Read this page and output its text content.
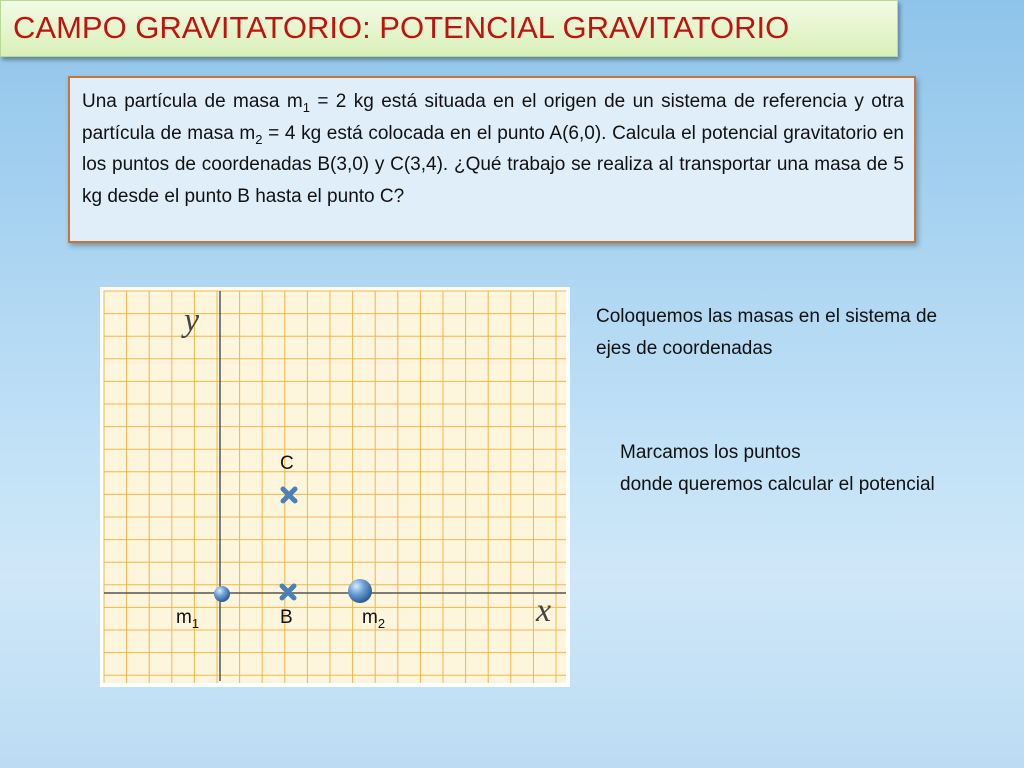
CAMPO GRAVITATORIO: POTENCIAL GRAVITATORIO

Una partícula de masa $m_1 = 2$ kg está situada en el origen de un sistema de referencia y otra partícula de masa $m_2 = 4$ kg está colocada en el punto A(6,0). Calcula el potencial gravitatorio en los puntos de coordenadas B(3,0) y C(3,4). ¿Qué trabajo se realiza al transportar una masa de 5 kg desde el punto B hasta el punto C?

y
x
C
B
$m_1$	$m_2$
Coloquemos las masas en el sistema de ejes de coordenadas
Marcamos los puntos
donde queremos calcular el potencial
